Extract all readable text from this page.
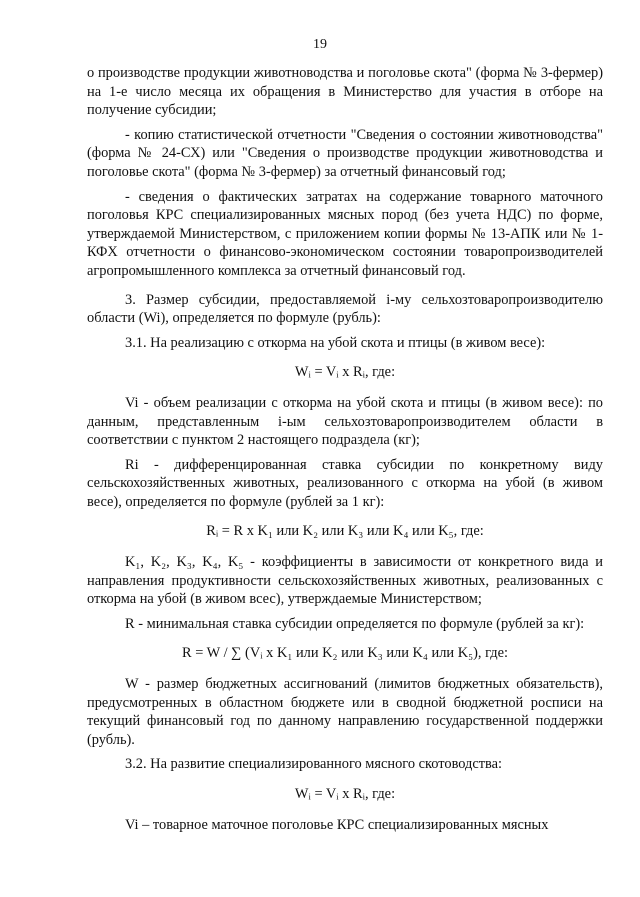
19

о производстве продукции животноводства и поголовье скота" (форма № 3-фермер) на 1-е число месяца их обращения в Министерство для участия в отборе на получение субсидии;

- копию статистической отчетности "Сведения о состоянии животноводства" (форма № 24-СХ) или "Сведения о производстве продукции животноводства и поголовье скота" (форма № 3-фермер) за отчетный финансовый год;

- сведения о фактических затратах на содержание товарного маточного поголовья КРС специализированных мясных пород (без учета НДС) по форме, утверждаемой Министерством, с приложением копии формы № 13-АПК или № 1-КФХ отчетности о финансово-экономическом состоянии товаропроизводителей агропромышленного комплекса за отчетный финансовый год.

3. Размер субсидии, предоставляемой i-му сельхозтоваропроизводителю области (Wi), определяется по формуле (рубль):

3.1. На реализацию с откорма на убой скота и птицы (в живом весе):

Wᵢ = Vᵢ x Rᵢ, где:

Vi - объем реализации с откорма на убой скота и птицы (в живом весе): по данным, представленным i-ым сельхозтоваропроизводителем области в соответствии с пунктом 2 настоящего подраздела (кг);

Ri - дифференцированная ставка субсидии по конкретному виду сельскохозяйственных животных, реализованного с откорма на убой (в живом весе), определяется по формуле (рублей за 1 кг):

Rᵢ = R x K₁ или K₂ или K₃ или K₄ или K₅, где:

K₁, K₂, K₃, K₄, K₅ - коэффициенты в зависимости от конкретного вида и направления продуктивности сельскохозяйственных животных, реализованных с откорма на убой (в живом всес), утверждаемые Министерством;

R - минимальная ставка субсидии определяется по формуле (рублей за кг):

R = W / ∑ (Vᵢ x K₁ или K₂ или K₃ или K₄ или K₅), где:

W - размер бюджетных ассигнований (лимитов бюджетных обязательств), предусмотренных в областном бюджете или в сводной бюджетной росписи на текущий финансовый год по данному направлению государственной поддержки (рубль).

3.2. На развитие специализированного мясного скотоводства:

Wᵢ = Vᵢ x Rᵢ, где:

Vi – товарное маточное поголовье КРС специализированных мясных
